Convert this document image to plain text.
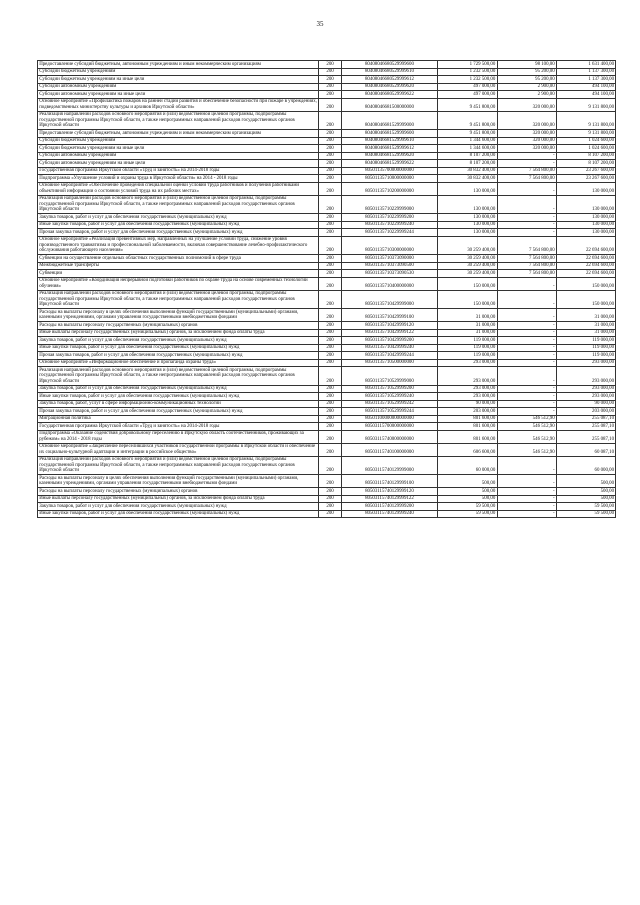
35
Предоставление субсидий бюджетным, автономным учреждениям и иным некоммерческим организациям	200	80408046680529999600	1 729 500,00	98 100,00	1 631 400,00
Субсидии бюджетным учреждениям	200	80408046680529999610	1 232 500,00	95 200,00	1 137 300,00
Субсидии бюджетным учреждениям на иные цели	200	80408046680529999612	1 232 500,00	95 200,00	1 137 300,00
Субсидии автономным учреждениям	200	80408046680529999620	497 000,00	2 900,00	494 100,00
Субсидии автономным учреждениям на иные цели	200	80408046680529999622	497 000,00	2 900,00	494 100,00
Основное мероприятие «Профилактика пожаров на ранней стадии развития и обеспечение безопасности при пожаре в учреждениях, подведомственных министерству культуры и архивов Иркутской области»	200	80408046681500000000	9 451 800,00	320 000,00	9 131 800,00
Реализация направлений расходов основного мероприятия и (или) ведомственной целевой программы, подпрограммы государственной программы Иркутской области, а также непрограммных направлений расходов государственных органов Иркутской области	200	80408046681529999000	9 451 800,00	320 000,00	9 131 800,00
Предоставление субсидий бюджетным, автономным учреждениям и иным некоммерческим организациям	200	80408046681529999600	9 451 800,00	320 000,00	9 131 800,00
Субсидии бюджетным учреждениям	200	80408046681529999610	1 344 600,00	320 000,00	1 024 600,00
Субсидии бюджетным учреждениям на иные цели	200	80408046681529999612	1 344 600,00	320 000,00	1 024 600,00
Субсидии автономным учреждениям	200	80408046681529999620	8 107 200,00	-	8 107 200,00
Субсидии автономным учреждениям на иные цели	200	80408046681529999622	8 107 200,00	-	8 107 200,00
Государственная программа Иркутской области «Труд и занятость» на 2014-2018 годы	200	80501135700000000000	30 832 400,00	7 564 800,00	23 267 600,00
Подпрограмма «Улучшение условий и охраны труда в Иркутской области» на 2014 - 2018 годы	200	80501135710000000000	30 832 400,00	7 564 800,00	23 267 600,00
Основное мероприятие «Обеспечение проведения специальной оценки условий труда работников и получения работниками объективной информации о состоянии условий труда на их рабочих местах»	200	80501135710200000000	130 000,00	-	130 000,00
Реализация направлений расходов основного мероприятия и (или) ведомственной целевой программы, подпрограммы государственной программы Иркутской области, а также непрограммных направлений расходов государственных органов Иркутской области	200	80501135710229999000	130 000,00	-	130 000,00
Закупка товаров, работ и услуг для обеспечения государственных (муниципальных) нужд	200	80501135710229999200	130 000,00	-	130 000,00
Иные закупки товаров, работ и услуг для обеспечения государственных (муниципальных) нужд	200	80501135710229999240	130 000,00	-	130 000,00
Прочая закупка товаров, работ и услуг для обеспечения государственных (муниципальных) нужд	200	80501135710229999244	130 000,00	-	130 000,00
Основное мероприятие «Реализация превентивных мер, направленных на улучшение условий труда, снижение уровня производственного травматизма и профессиональной заболеваемости, включая совершенствование лечебно-профилактического обслуживания работающего населения»	200	80501135710300000000	30 259 400,00	7 564 800,00	22 694 600,00
Субвенции на осуществление отдельных областных государственных полномочий в сфере труда	200	80501135710373090000	30 259 400,00	7 564 800,00	22 694 600,00
Межбюджетные трансферты	200	80501135710373090500	30 259 400,00	7 564 800,00	22 694 600,00
Субвенции	200	80501135710373090530	30 259 400,00	7 564 800,00	22 694 600,00
Основное мероприятие «Координация непрерывной подготовки работников по охране труда на основе современных технологий обучения»	200	80501135710400000000	150 000,00	-	150 000,00
Реализация направлений расходов основного мероприятия и (или) ведомственной целевой программы, подпрограммы государственной программы Иркутской области, а также непрограммных направлений расходов государственных органов Иркутской области	200	80501135710429999000	150 000,00	-	150 000,00
Расходы на выплаты персоналу в целях обеспечения выполнения функций государственными (муниципальными) органами, казенными учреждениями, органами управления государственными внебюджетными фондами	200	80501135710429999100	31 000,00	-	31 000,00
Расходы на выплаты персоналу государственных (муниципальных) органов	200	80501135710429999120	31 000,00	-	31 000,00
Иные выплаты персоналу государственных (муниципальных) органов, за исключением фонда оплаты труда	200	80501135710429999122	31 000,00	-	31 000,00
Закупка товаров, работ и услуг для обеспечения государственных (муниципальных) нужд	200	80501135710429999200	119 000,00	-	119 000,00
Иные закупки товаров, работ и услуг для обеспечения государственных (муниципальных) нужд	200	80501135710429999240	119 000,00	-	119 000,00
Прочая закупка товаров, работ и услуг для обеспечения государственных (муниципальных) нужд	200	80501135710429999244	119 000,00	-	119 000,00
Основное мероприятие «Информационное обеспечение и пропаганда охраны труда»	200	80501135710500000000	293 000,00	-	293 000,00
Реализация направлений расходов основного мероприятия и (или) ведомственной целевой программы, подпрограммы государственной программы Иркутской области, а также непрограммных направлений расходов государственных органов Иркутской области	200	80501135710529999000	293 000,00	-	293 000,00
Закупка товаров, работ и услуг для обеспечения государственных (муниципальных) нужд	200	80501135710529999200	293 000,00	-	293 000,00
Иные закупки товаров, работ и услуг для обеспечения государственных (муниципальных) нужд	200	80501135710529999240	293 000,00	-	293 000,00
Закупка товаров, работ, услуг в сфере информационно-коммуникационных технологий	200	80501135710529999242	90 000,00	-	90 000,00
Прочая закупка товаров, работ и услуг для обеспечения государственных (муниципальных) нужд	200	80501135710529999244	203 000,00	-	203 000,00
Миграционная политика	200	80501100000000000000	801 600,00	546 512,90	255 087,10
Государственная программа Иркутской области «Труд и занятость» на 2014-2018 годы	200	80503115700000000000	801 600,00	546 512,90	255 087,10
Подпрограмма «Оказание содействия добровольному переселению в Иркутскую область соотечественников, проживающих за рубежом» на 2014 - 2018 годы	200	80503115740000000000	801 600,00	546 512,90	255 087,10
Основное мероприятие «Закрепление переселившихся участников Государственной программы в Иркутской области и обеспечение их социально-культурной адаптации и интеграции в российское общество»	200	80503115740100000000	606 600,00	546 512,90	60 087,10
Реализация направлений расходов основного мероприятия и (или) ведомственной целевой программы, подпрограммы государственной программы Иркутской области, а также непрограммных направлений расходов государственных органов Иркутской области	200	80503115740129999000	60 000,00	-	60 000,00
Расходы на выплаты персоналу в целях обеспечения выполнения функций государственными (муниципальными) органами, казенными учреждениями, органами управления государственными внебюджетными фондами	200	80503115740129999100	500,00	-	500,00
Расходы на выплаты персоналу государственных (муниципальных) органов	200	80503115740129999120	500,00	-	500,00
Иные выплаты персоналу государственных (муниципальных) органов, за исключением фонда оплаты труда	200	80503115740129999122	500,00	-	500,00
Закупка товаров, работ и услуг для обеспечения государственных (муниципальных) нужд	200	80503115740129999200	59 500,00	-	59 500,00
Иные закупки товаров, работ и услуг для обеспечения государственных (муниципальных) нужд	200	80503115740129999240	59 500,00	-	59 500,00
